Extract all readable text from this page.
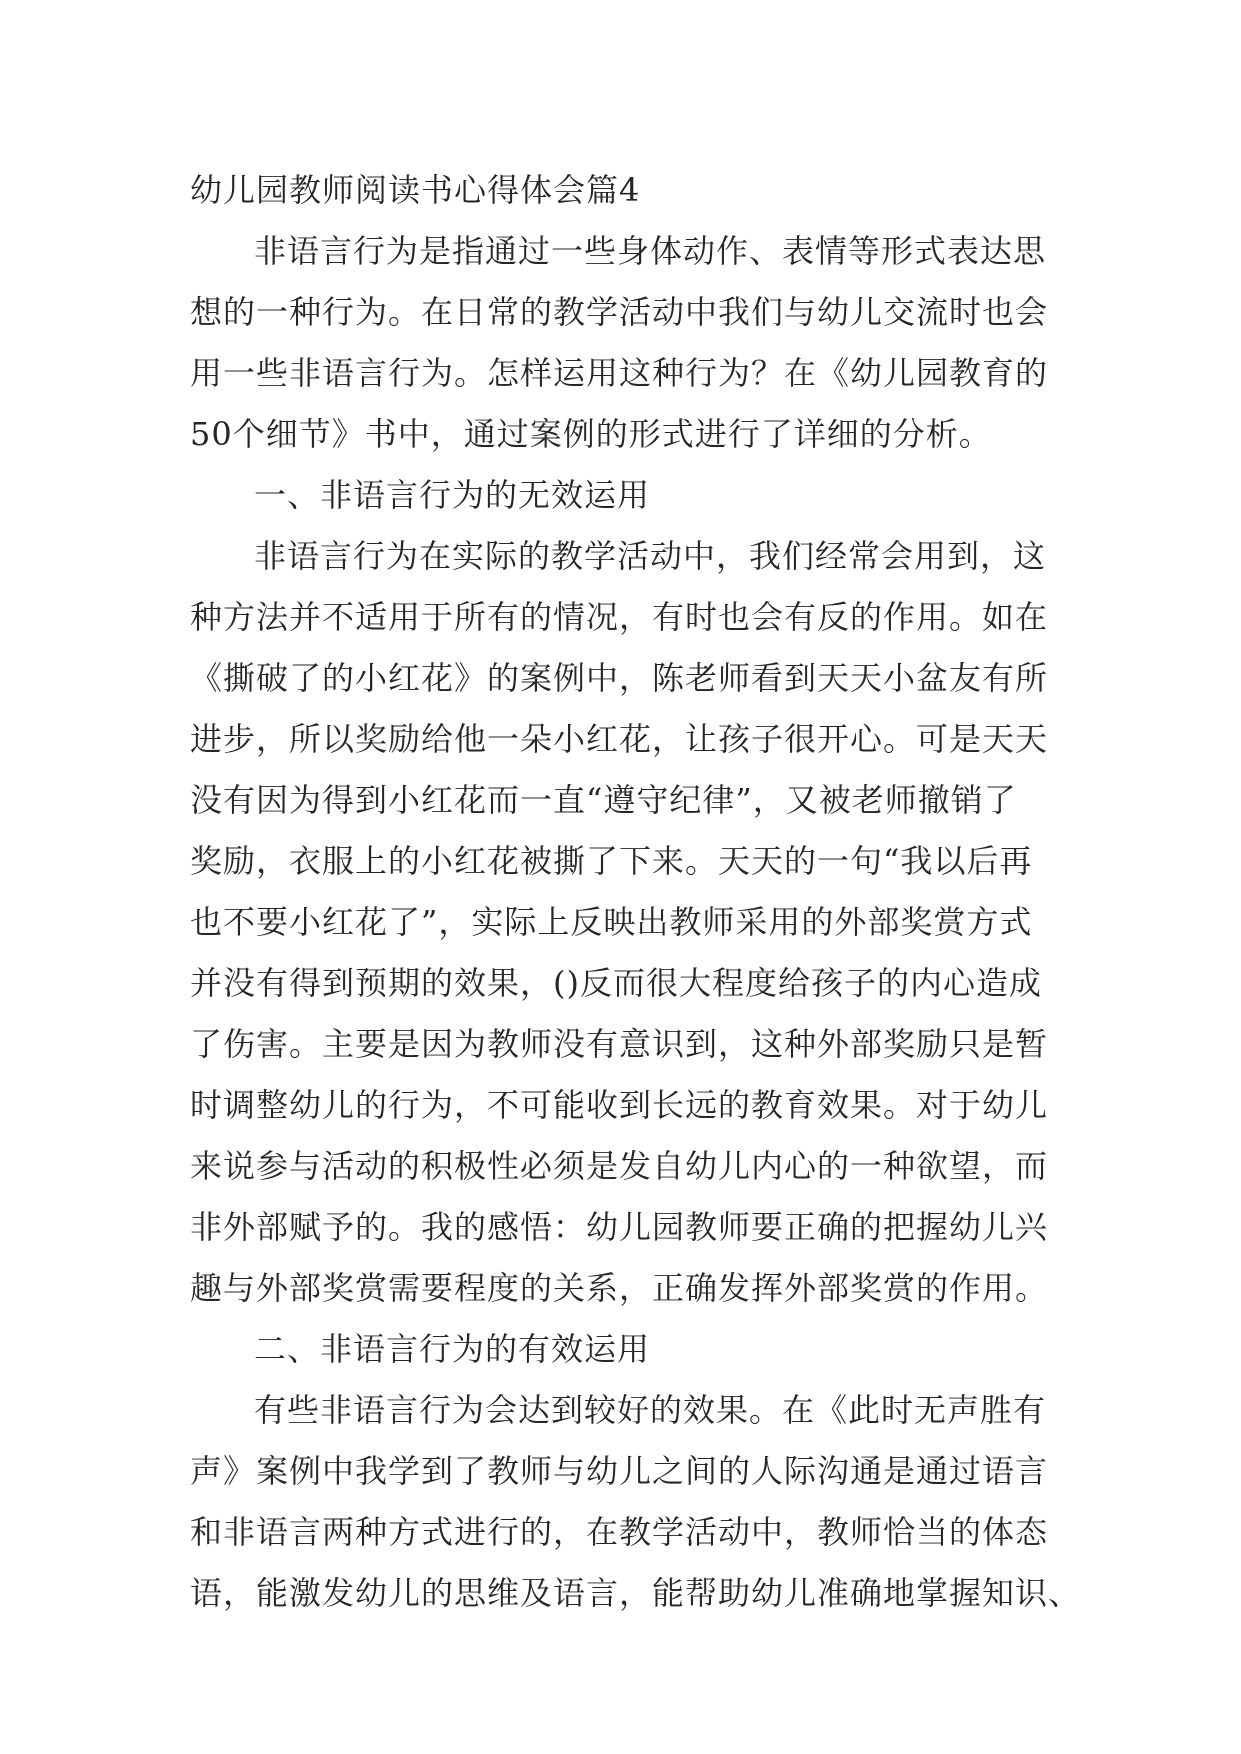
幼儿园教师阅读书心得体会篇4
非语言行为是指通过一些身体动作、表情等形式表达思
想的一种行为。在日常的教学活动中我们与幼儿交流时也会
用一些非语言行为。怎样运用这种行为？在《幼儿园教育的
50个细节》书中，通过案例的形式进行了详细的分析。
一、非语言行为的无效运用
非语言行为在实际的教学活动中，我们经常会用到，这
种方法并不适用于所有的情况，有时也会有反的作用。如在
《撕破了的小红花》的案例中，陈老师看到天天小盆友有所
进步，所以奖励给他一朵小红花，让孩子很开心。可是天天
没有因为得到小红花而一直“遵守纪律”，又被老师撤销了
奖励，衣服上的小红花被撕了下来。天天的一句“我以后再
也不要小红花了”，实际上反映出教师采用的外部奖赏方式
并没有得到预期的效果，()反而很大程度给孩子的内心造成
了伤害。主要是因为教师没有意识到，这种外部奖励只是暂
时调整幼儿的行为，不可能收到长远的教育效果。对于幼儿
来说参与活动的积极性必须是发自幼儿内心的一种欲望，而
非外部赋予的。我的感悟：幼儿园教师要正确的把握幼儿兴
趣与外部奖赏需要程度的关系，正确发挥外部奖赏的作用。
二、非语言行为的有效运用
有些非语言行为会达到较好的效果。在《此时无声胜有
声》案例中我学到了教师与幼儿之间的人际沟通是通过语言
和非语言两种方式进行的，在教学活动中，教师恰当的体态
语，能激发幼儿的思维及语言，能帮助幼儿准确地掌握知识、
